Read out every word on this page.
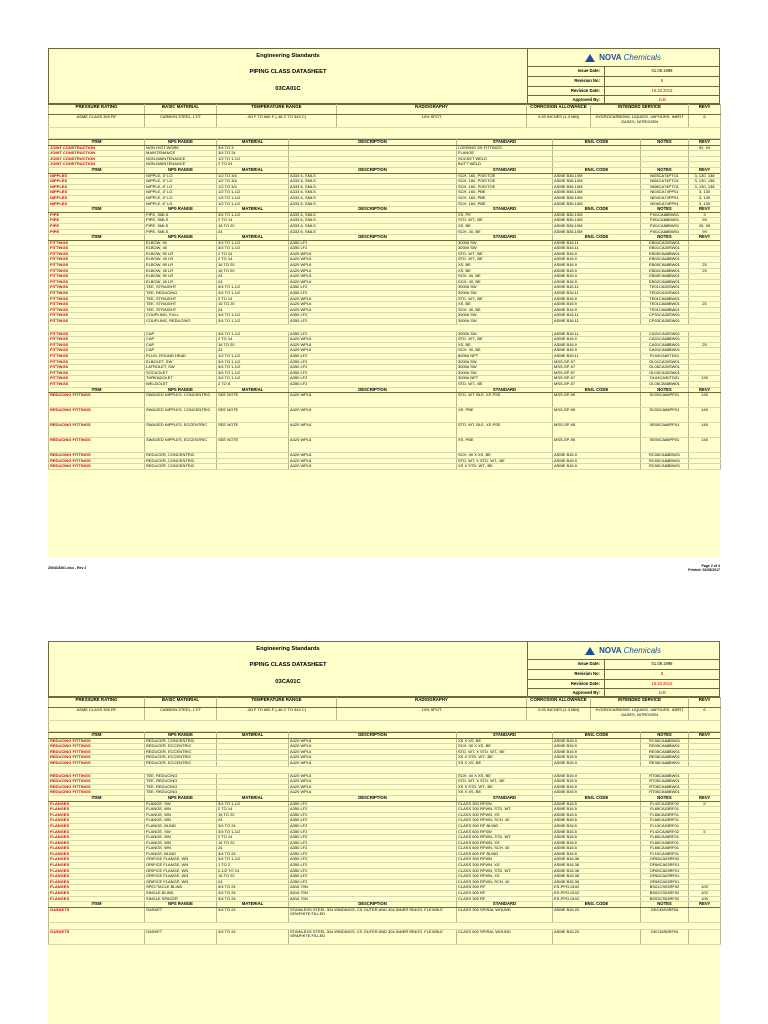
Engineering Standards
PIPING CLASS DATASHEET
03CA01C
NOVA Chemicals
Issue Date:	01.08.1998
Revision No:	6
Revision Date:	16.10.2012
Approved By:	JLB
PRESSURE RATING	BASIC MATERIAL	TEMPERATURE RANGE	RADIOGRAPHY	CORROSION ALLOWANCE	INTENDED SERVICE	REV#
ASME CLASS 300 RF	CARBON STEEL, LT/T	-50 F TO 650 F (-46 C TO 343 C)	10% SPOT	0.05 INCHES (1.3 MM)	HYDROCARBONS: LIQUIDS, VAPOURS. INERT GASES, NITROGEN	6

ITEM	NPS RANGE	MATERIAL	DESCRIPTION	STANDARD	ENG. CODE	NOTES	REV#	
JOINT CONSTRUCTION	NON H/OT WORK	3/4 TO 3		LOKRING SS FITTINGS			92, 94	
JOINT CONSTRUCTION	MAINTENANCE	3/4 TO 24		FLANGE				
JOINT CONSTRUCTION	NON-MAINTENANCE	1/2 TO 1-1/2		SOCKET WELD				
JOINT CONSTRUCTION	NON-MAINTENANCE	2 TO 24		BUTT WELD				
ITEM	NPS RANGE	MATERIAL	DESCRIPTION	STANDARD	ENG. CODE	NOTES	REV#	
NIPPLES	NIPPLE, 3" LG	1/2 TO 3/4	A333 6, SMLS	SCH. 160, POE/TOE	ASME B36.10M	NI03CA74PTO1	3, 130, 138	
NIPPLES	NIPPLE, 4" LG	1/2 TO 3/4	A333 6, SMLS	SCH. 160, POE/TOE	ASME B36.10M	NI04CA74PTO1	3, 130, 138	
NIPPLES	NIPPLE, 6" LG	1/2 TO 3/4	A333 6, SMLS	SCH. 160, POE/TOE	ASME B36.10M	NI06CA74PTO1	3, 130, 138	
NIPPLES	NIPPLE, 3" LG	1/2 TO 1-1/2	A333 6, SMLS	SCH. 160, PBE	ASME B36.10M	NI03CA74PP01	3, 130	
NIPPLES	NIPPLE, 4" LG	1/2 TO 1-1/2	A333 6, SMLS	SCH. 160, PBE	ASME B36.10M	NI04CA74PP01	3, 130	
NIPPLES	NIPPLE, 6" LG	1/2 TO 1-1/2	A333 6, SMLS	SCH. 160, PBE	ASME B36.10M	NI06CA74PP01	3, 130	
ITEM	NPS RANGE	MATERIAL	DESCRIPTION	STANDARD	ENG. CODE	NOTES	REV#	
PIPE	PIPE, SMLS	3/4 TO 1-1/2	A333 6, SMLS	XS, PE	ASME B36.10M	PI01CA68BW01	3	
PIPE	PIPE, SMLS	2 TO 14	A333 6, SMLS	STD. WT., BE	ASME B36.10M	PI01CA68BW01	99	
PIPE	PIPE, SMLS	16 TO 20	A333 6, SMLS	XS, BE	ASME B36.10M	PI01CA68BW01	25, 99	
PIPE	PIPE, SMLS	24	A333 6, SMLS	SCH. 40, BE	ASME B36.10M	PI01CA68BW01	99	
ITEM	NPS RANGE	MATERIAL	DESCRIPTION	STANDARD	ENG. CODE	NOTES	REV#	
FITTINGS	ELBOW, 90	3/4 TO 1-1/2	A350 LF2	3000# SW	ASME B16.11	EB04CA30SW01		
FITTINGS	ELBOW, 45	3/4 TO 1-1/2	A350 LF2	3000# SW	ASME B16.11	EB01CA30SW01		
FITTINGS	ELBOW, 90 LR	2 TO 14	A420 WPL6	STD. WT., BE	ASME B16.9	EB05CA68BW01		
FITTINGS	ELBOW, 45 LR	2 TO 14	A420 WPL6	STD. WT., BE	ASME B16.9	EB02CA68BW01		
FITTINGS	ELBOW, 90 LR	16 TO 20	A420 WPL6	XS, BE	ASME B16.9	EB05CA68BW01	25	
FITTINGS	ELBOW, 45 LR	16 TO 20	A420 WPL6	XS, BE	ASME B16.9	EB02CA68BW01	25	
FITTINGS	ELBOW, 90 LR	24	A420 WPL6	SCH. 40, BE	ASME B16.9	EB05CA68BW01		
FITTINGS	ELBOW, 45 LR	24	A420 WPL6	SCH. 40, BE	ASME B16.9	EB02CA68BW01		
FITTINGS	TEE, STRAIGHT	3/4 TO 1-1/2	A350 LF2	3000# SW	ASME B16.11	TE01CA30SW01		
FITTINGS	TEE, REDUCING	3/4 TO 1-1/2	A350 LF2	3000# SW	ASME B16.11	TE02CA30SW01		
FITTINGS	TEE, STRAIGHT	2 TO 14	A420 WPL6	STD. WT., BE	ASME B16.9	TE01CA68BW01		
FITTINGS	TEE, STRAIGHT	16 TO 20	A420 WPL6	XS, BE	ASME B16.9	TE01CA68BW01	25	
FITTINGS	TEE, STRAIGHT	24	A420 WPL6	SCH. 40, BE	ASME B16.9	TE01CA68BW01		
FITTINGS	COUPLING, FULL	3/4 TO 1-1/2	A350 LF2	3000# SW	ASME B16.11	CP01CA30SW01		
FITTINGS	COUPLING, REDUCING	3/4 TO 1-1/2	A350 LF2	3000# SW	ASME B16.11	CP03CA30SW01		

FITTINGS	CAP	3/4 TO 1-1/2	A350 LF2	3000# SW	ASME B16.11	CA01CA30SW01		
FITTINGS	CAP	2 TO 14	A420 WPL6	STD. WT., BE	ASME B16.9	CA01CA68BW01		
FITTINGS	CAP	16 TO 20	A420 WPL6	XS, BE	ASME B16.9	CA01CA68BW01	25	
FITTINGS	CAP	24	A420 WPL6	SCH. 40, BE	ASME B16.9	CA01CA68BW01		
FITTINGS	PLUG, ROUND HEAD	1/2 TO 1-1/2	A350 LF2	6000# NPT	ASME B16.11	PL04CA60TD01		
FITTINGS	ELBOLET, SW	3/4 TO 1-1/2	A350 LF2	3000# SW	MSS-SP-97	OL01CA30SW01		
FITTINGS	LATROLET, SW	3/4 TO 1-1/2	A350 LF2	3000# SW	MSS-SP-97	OL06CA30SW01		
FITTINGS	SOCKOLET	3/4 TO 1-1/2	A350 LF2	3000# SW	MSS-SP-97	OL03CA30SW01		
FITTINGS	THREADOLET	3/4 TO 1-1/2	A350 LF2	3000# NPT	MSS-SP-97	OL04CA30TD01	139	
FITTINGS	WELDOLET	2 TO 8	A350 LF2	STD. WT., BE	MSS-SP-97	OL05CA68BW01		
ITEM	NPS RANGE	MATERIAL	DESCRIPTION	STANDARD	ENG. CODE	NOTES	REV#	
REDUCING FITTINGS	SWAGED NIPPLES, CONCENTRIC	SEE NOTE	A420 WPL6	STD. WT. BLE, XS PSE	MSS-SP-95	SC06CA68PP01	145	
REDUCING FITTINGS	SWAGED NIPPLES, CONCENTRIC	SEE NOTE	A420 WPL6	XS, PBE	MSS-SP-95	SC06CA68PP01	145	
REDUCING FITTINGS	SWAGED NIPPLES, ECCENTRIC	SEE NOTE	A420 WPL6	STD. WT. BLE, XS PSE	MSS-SP-95	SE06CA68PP01	145	
REDUCING FITTINGS	SWAGED NIPPLES, ECCENTRIC	SEE NOTE	A420 WPL6	XS, PBE	MSS-SP-95	SE06CA68PP01	145	
REDUCING FITTINGS	REDUCER, CONCENTRIC		A420 WPL6	SCH. 40 X XS, BE	ASME B16.9	RC06CA68BW01		
REDUCING FITTINGS	REDUCER, CONCENTRIC		A420 WPL6	STD. WT. X STD. WT., BE	ASME B16.9	RC05CA68BW01		
REDUCING FITTINGS	REDUCER, CONCENTRIC		A420 WPL6	XS X STD. WT., BE	ASME B16.9	RC06CA68BW01		
2004C8401.xlsx - Rev 2	Page 2 of 4
Printed: 02/28/2017
Engineering Standards
PIPING CLASS DATASHEET
03CA01C
NOVA Chemicals
Issue Date:	01.08.1998
Revision No:	6
Revision Date:	16.10.2012
Approved By:	JLB
PRESSURE RATING	BASIC MATERIAL	TEMPERATURE RANGE	RADIOGRAPHY	CORROSION ALLOWANCE	INTENDED SERVICE	REV#
ASME CLASS 300 RF	CARBON STEEL, LT/T	-50 F TO 650 F (-46 C TO 343 C)	10% SPOT	0.05 INCHES (1.3 MM)	HYDROCARBONS: LIQUIDS, VAPOURS. INERT GASES, NITROGEN	6

ITEM	NPS RANGE	MATERIAL	DESCRIPTION	STANDARD	ENG. CODE	NOTES	REV#	
REDUCING FITTINGS	REDUCER, CONCENTRIC		A420 WPL6	XS X XS, BE	ASME B16.9	RC06CA68BW01		
REDUCING FITTINGS	REDUCER, ECCENTRIC		A420 WPL6	SCH. 40 X XS, BE	ASME B16.9	RE06CA68BW01		
REDUCING FITTINGS	REDUCER, ECCENTRIC		A420 WPL6	STD. WT. X STD. WT., BE	ASME B16.9	RE05CA68BW01		
REDUCING FITTINGS	REDUCER, ECCENTRIC		A420 WPL6	XS X STD. WT., BE	ASME B16.9	RE06CA68BW01		
REDUCING FITTINGS	REDUCER, ECCENTRIC		A420 WPL6	XS X XS, BE	ASME B16.9	RE06CA68BW01		

REDUCING FITTINGS	TEE, REDUCING		A420 WPL6	SCH. 40 X XS, BE	ASME B16.9	RT06CA68BW01		
REDUCING FITTINGS	TEE, REDUCING		A420 WPL6	STD. WT. X STD. WT., BE	ASME B16.9	RT05CA68BW01		
REDUCING FITTINGS	TEE, REDUCING		A420 WPL6	XS X STD. WT., BE	ASME B16.9	RT06CA68BW01		
REDUCING FITTINGS	TEE, REDUCING		A420 WPL6	XS X XS, BE	ASME B16.9	RT06CA68BW01		
ITEM	NPS RANGE	MATERIAL	DESCRIPTION	STANDARD	ENG. CODE	NOTES	REV#	
FLANGES	FLANGE, SW	3/4 TO 1-1/2	A350 LF2	CLASS 300 RFSW	ASME B16.5	FL42CA03RF02	5	
FLANGES	FLANGE, WN	2 TO 14	A350 LF2	CLASS 300 RFWN, STD. WT.	ASME B16.5	FL65CA03RF01		
FLANGES	FLANGE, WN	16 TO 22	A350 LF2	CLASS 300 RFWN, XS	ASME B16.5	FL66CA03RF01		
FLANGES	FLANGE, WN	24	A350 LF2	CLASS 300 RFWN, SCH. 40	ASME B16.5	FL66CA03RF01		
FLANGES	FLANGE, BLIND	3/4 TO 24	A350 LF2	CLASS 300 RF BLIND	ASME B16.5	FL10CA03RF01		
FLANGES	FLANGE, SW	3/4 TO 1-1/2	A350 LF2	CLASS 600 RFSW	ASME B16.5	FL42CA06RF02	5	
FLANGES	FLANGE, WN	2 TO 14	A350 LF2	CLASS 600 RFWN, STD. WT.	ASME B16.5	FL65CA06RF01		
FLANGES	FLANGE, WN	16 TO 22	A350 LF2	CLASS 600 RFWN, XS	ASME B16.5	FL66CA06RF01		
FLANGES	FLANGE, WN	24	A350 LF2	CLASS 600 RFWN, SCH. 40	ASME B16.5	FL66CA06RF01		
FLANGES	FLANGE, BLIND	3/4 TO 24	A350 LF2	CLASS 600 RF BLIND	ASME B16.5	FL10CA06RF01		
FLANGES	ORIFICE FLANGE, WN	3/4 TO 1-1/2	A350 LF2	CLASS 300 RFWN	ASME B16.36	OF65CA03RF02		
FLANGES	ORIFICE FLANGE, WN	1 TO 2	A350 LF2	CLASS 300 RFWN, XS	ASME B16.36	OF66CA03RF01		
FLANGES	ORIFICE FLANGE, WN	2-1/2 TO 14	A350 LF2	CLASS 300 RFWN, STD. WT.	ASME B16.36	OF65CA03RF01		
FLANGES	ORIFICE FLANGE, WN	16 TO 22	A350 LF2	CLASS 300 RFWN, XS	ASME B16.36	OF66CA03RF01		
FLANGES	ORIFICE FLANGE, WN	24	A350 LF2	CLASS 300 RFWN, SCH. 40	ASME B16.36	OF66CA03RF01		
FLANGES	SPECTACLE BLIND	3/4 TO 24	A516 70N	CLASS 300 RF	ES-PPG-0102	BS01CS03RF02	100	
FLANGES	SINGLE BLIND	3/4 TO 24	A516 70N	CLASS 300 RF	ES-PPG-0102	BS02CS03RF02	100	
FLANGES	SINGLE SPACER	3/4 TO 24	A516 70N	CLASS 300 RF	ES-PPG-0102	BS03CS03RF02	100	
ITEM	NPS RANGE	MATERIAL	DESCRIPTION	STANDARD	ENG. CODE	NOTES	REV#	
GASKETS	GASKET	3/4 TO 24	STAINLESS STEEL 304 WINDINGS, CS OUTER AND 304 INNER RINGS, FLEXIBLE GRAPHITE FILLED	CLASS 300 SPIRAL WOUND	ASME B16.20	GKC46S3RF04		

GASKETS	GASKET	3/4 TO 24	STAINLESS STEEL 304 WINDINGS, CS OUTER AND 304 INNER RINGS, FLEXIBLE GRAPHITE FILLED	CLASS 600 SPIRAL WOUND	ASME B16.20	GKC46S6RF04		
